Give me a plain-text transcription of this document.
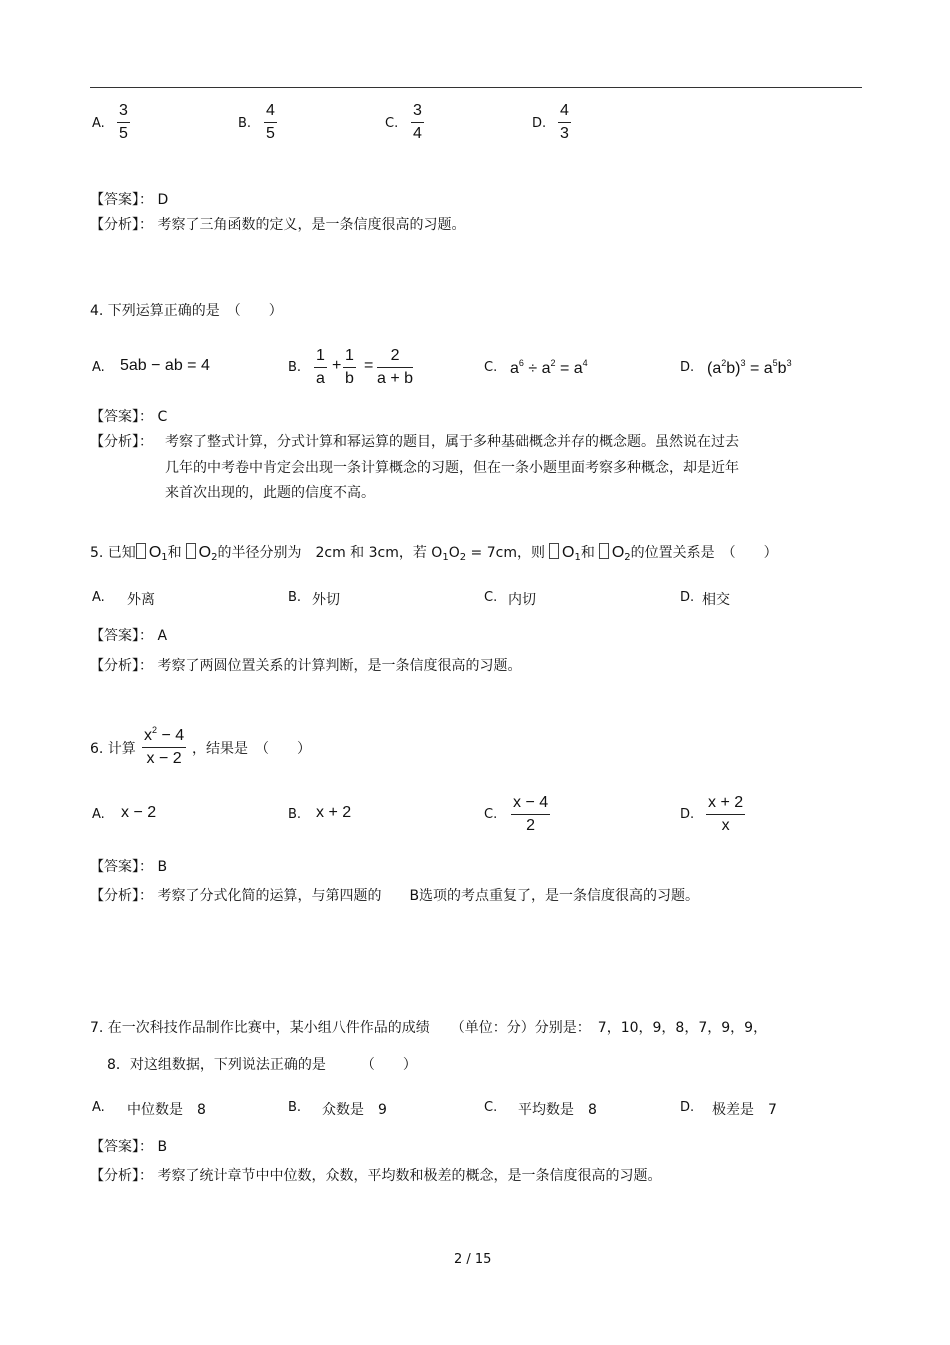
A. $\frac{3}{5}$	B. $\frac{4}{5}$	C. $\frac{3}{4}$	D. $\frac{4}{3}$
【答案】： D
【分析】： 考察了三角函数的定义，是一条信度很高的习题。
4. 下列运算正确的是　（　　）
A. 5ab − ab = 4	B. $\frac{1}{a} + \frac{1}{b} = \frac{2}{a + b}$	C. $a^6 \div a^2 = a^4$	D. $(a^2b)^3 = a^5b^3$
【答案】： C
【分析】： 考察了整式计算，分式计算和幂运算的题目，属于多种基础概念并存的概念题。虽然说在过去
几年的中考卷中肯定会出现一条计算概念的习题，但在一条小题里面考察多种概念，却是近年
来首次出现的，此题的信度不高。
5. 已知 $O_1$和 $O_2$的半径分别为　2cm 和 3cm，若 $O_1O_2 = 7cm$，则 $O_1$和 $O_2$的位置关系是　（　　）
A. 外离	B. 外切	C. 内切	D. 相交
【答案】： A
【分析】： 考察了两圆位置关系的计算判断，是一条信度很高的习题。
6. 计算 $\frac{x^2 - 4}{x - 2}$ ，结果是　（　　）
A. x − 2	B. x + 2	C. $\frac{x - 4}{2}$	D. $\frac{x + 2}{x}$
【答案】： B
【分析】： 考察了分式化简的运算，与第四题的　　B选项的考点重复了，是一条信度很高的习题。
7. 在一次科技作品制作比赛中，某小组八件作品的成绩　　（单位：分）分别是：　7，10，9，8，7，9，9，
8．对这组数据，下列说法正确的是　　　（　　）
A. 中位数是　8	B. 众数是　9	C. 平均数是　8	D. 极差是　7
【答案】： B
【分析】： 考察了统计章节中中位数，众数，平均数和极差的概念，是一条信度很高的习题。
2 / 15
